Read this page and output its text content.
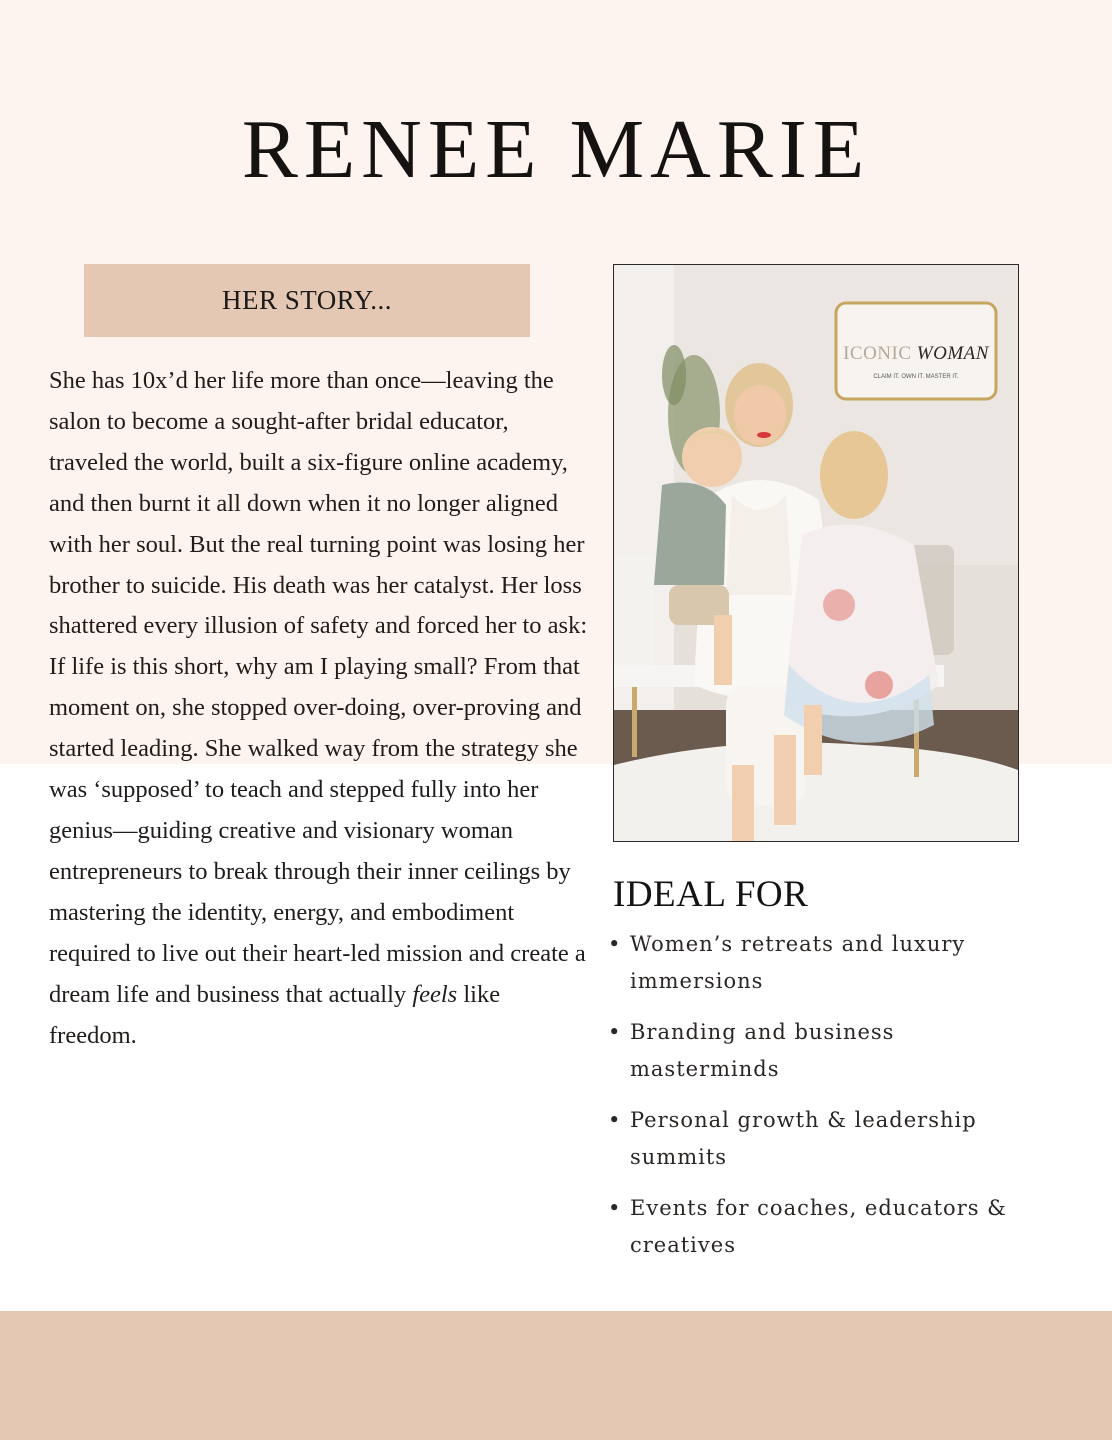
RENEE MARIE
HER STORY...

She has 10x’d her life more than once—leaving the salon to become a sought-after bridal educator, traveled the world, built a six-figure online academy, and then burnt it all down when it no longer aligned with her soul. But the real turning point was losing her brother to suicide. His death was her catalyst. Her loss shattered every illusion of safety and forced her to ask: If life is this short, why am I playing small? From that moment on, she stopped over-doing, over-proving and started leading. She walked way from the strategy she was ‘supposed’ to teach and stepped fully into her genius—guiding creative and visionary woman entrepreneurs to break through their inner ceilings by mastering the identity, energy, and embodiment required to live out their heart-led mission and create a dream life and business that actually feels like freedom.

ICONIC WOMAN
CLAIM IT. OWN IT. MASTER IT.
IDEAL FOR
• Women’s retreats and luxury immersions
• Branding and business masterminds
• Personal growth & leadership summits
• Events for coaches, educators & creatives
